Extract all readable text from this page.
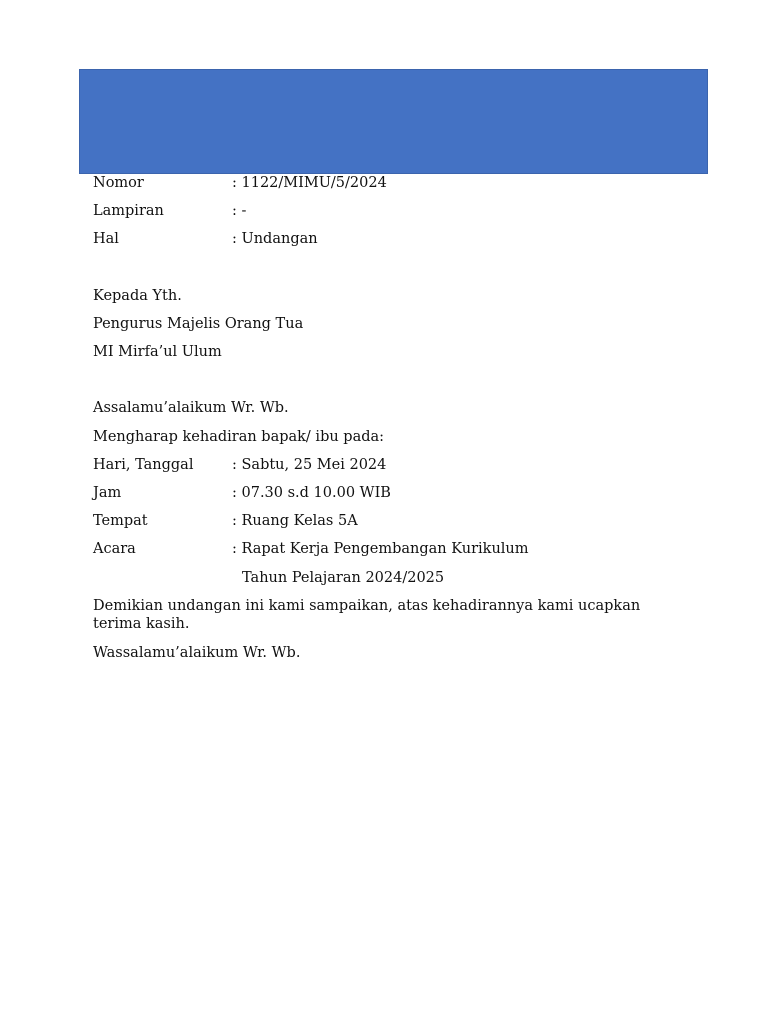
Nomor	: 1122/MIMU/5/2024
Lampiran	: -
Hal	: Undangan
Kepada Yth.
Pengurus Majelis Orang Tua
MI Mirfa’ul Ulum
Assalamu’alaikum Wr. Wb.
Mengharap kehadiran bapak/ ibu pada:
Hari, Tanggal	: Sabtu, 25 Mei 2024
Jam	: 07.30 s.d 10.00 WIB
Tempat	: Ruang Kelas 5A
Acara	: Rapat Kerja Pengembangan Kurikulum
Tahun Pelajaran 2024/2025
Demikian undangan ini kami sampaikan, atas kehadirannya kami ucapkan terima kasih.
Wassalamu’alaikum Wr. Wb.
